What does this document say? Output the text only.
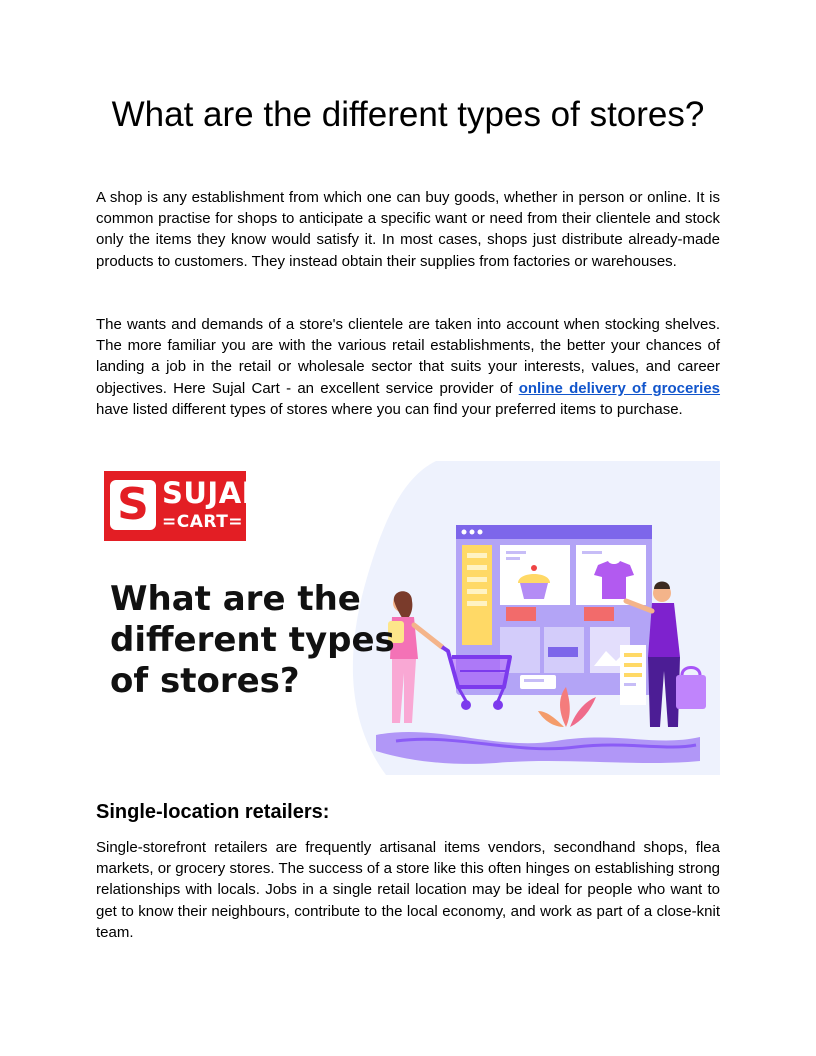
What are the different types of stores?

A shop is any establishment from which one can buy goods, whether in person or online. It is common practise for shops to anticipate a specific want or need from their clientele and stock only the items they know would satisfy it. In most cases, shops just distribute already-made products to customers. They instead obtain their supplies from factories or warehouses.

The wants and demands of a store's clientele are taken into account when stocking shelves. The more familiar you are with the various retail establishments, the better your chances of landing a job in the retail or wholesale sector that suits your interests, values, and career objectives. Here Sujal Cart - an excellent service provider of online delivery of groceries have listed different types of stores where you can find your preferred items to purchase.

S SUJAL
=CART=
What are the different types of stores?
Single-location retailers:

Single-storefront retailers are frequently artisanal items vendors, secondhand shops, flea markets, or grocery stores. The success of a store like this often hinges on establishing strong relationships with locals. Jobs in a single retail location may be ideal for people who want to get to know their neighbours, contribute to the local economy, and work as part of a close-knit team.
